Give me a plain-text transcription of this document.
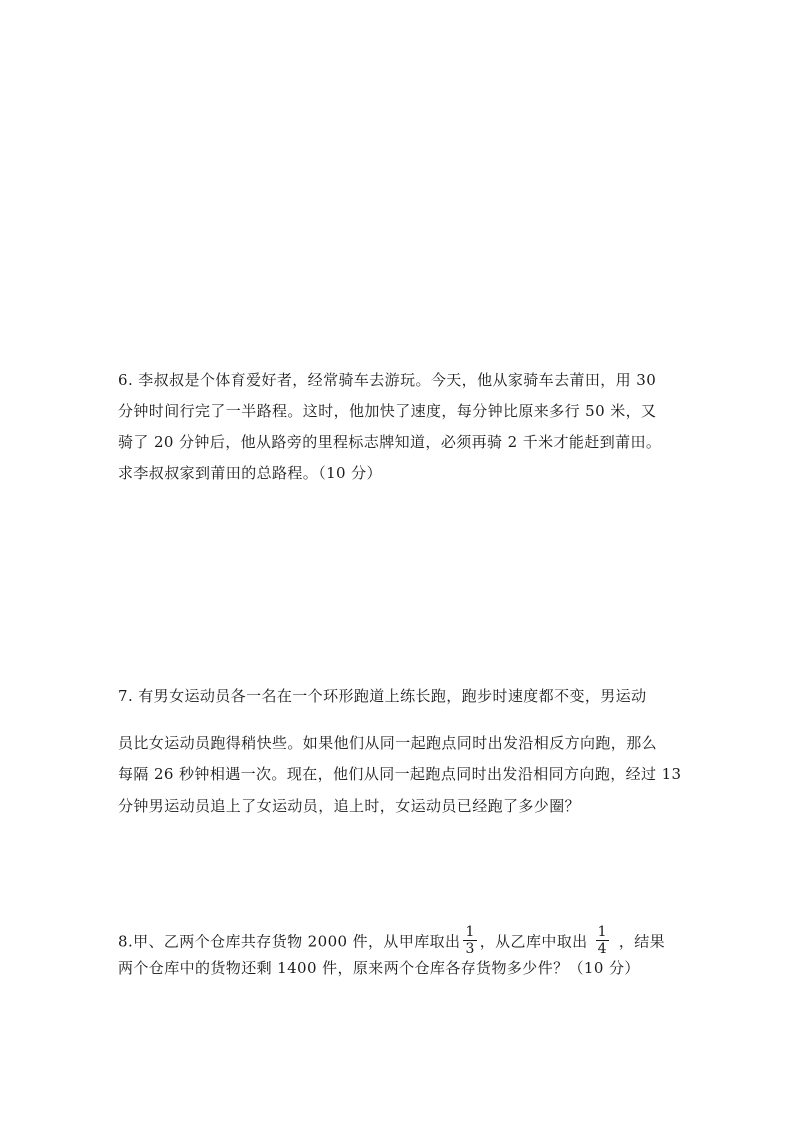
6. 李叔叔是个体育爱好者，经常骑车去游玩。今天，他从家骑车去莆田，用 30
分钟时间行完了一半路程。这时，他加快了速度，每分钟比原来多行 50 米，又
骑了 20 分钟后，他从路旁的里程标志牌知道，必须再骑 2 千米才能赶到莆田。
求李叔叔家到莆田的总路程。（10 分）
7. 有男女运动员各一名在一个环形跑道上练长跑，跑步时速度都不变，男运动
员比女运动员跑得稍快些。如果他们从同一起跑点同时出发沿相反方向跑，那么
每隔 26 秒钟相遇一次。现在，他们从同一起跑点同时出发沿相同方向跑，经过 13
分钟男运动员追上了女运动员，追上时，女运动员已经跑了多少圈？
8.甲、乙两个仓库共存货物 2000 件，从甲库取出 $\frac{1}{3}$ ，从乙库中取出 $\frac{1}{4}$ ，结果
两个仓库中的货物还剩 1400 件，原来两个仓库各存货物多少件？（10 分）
